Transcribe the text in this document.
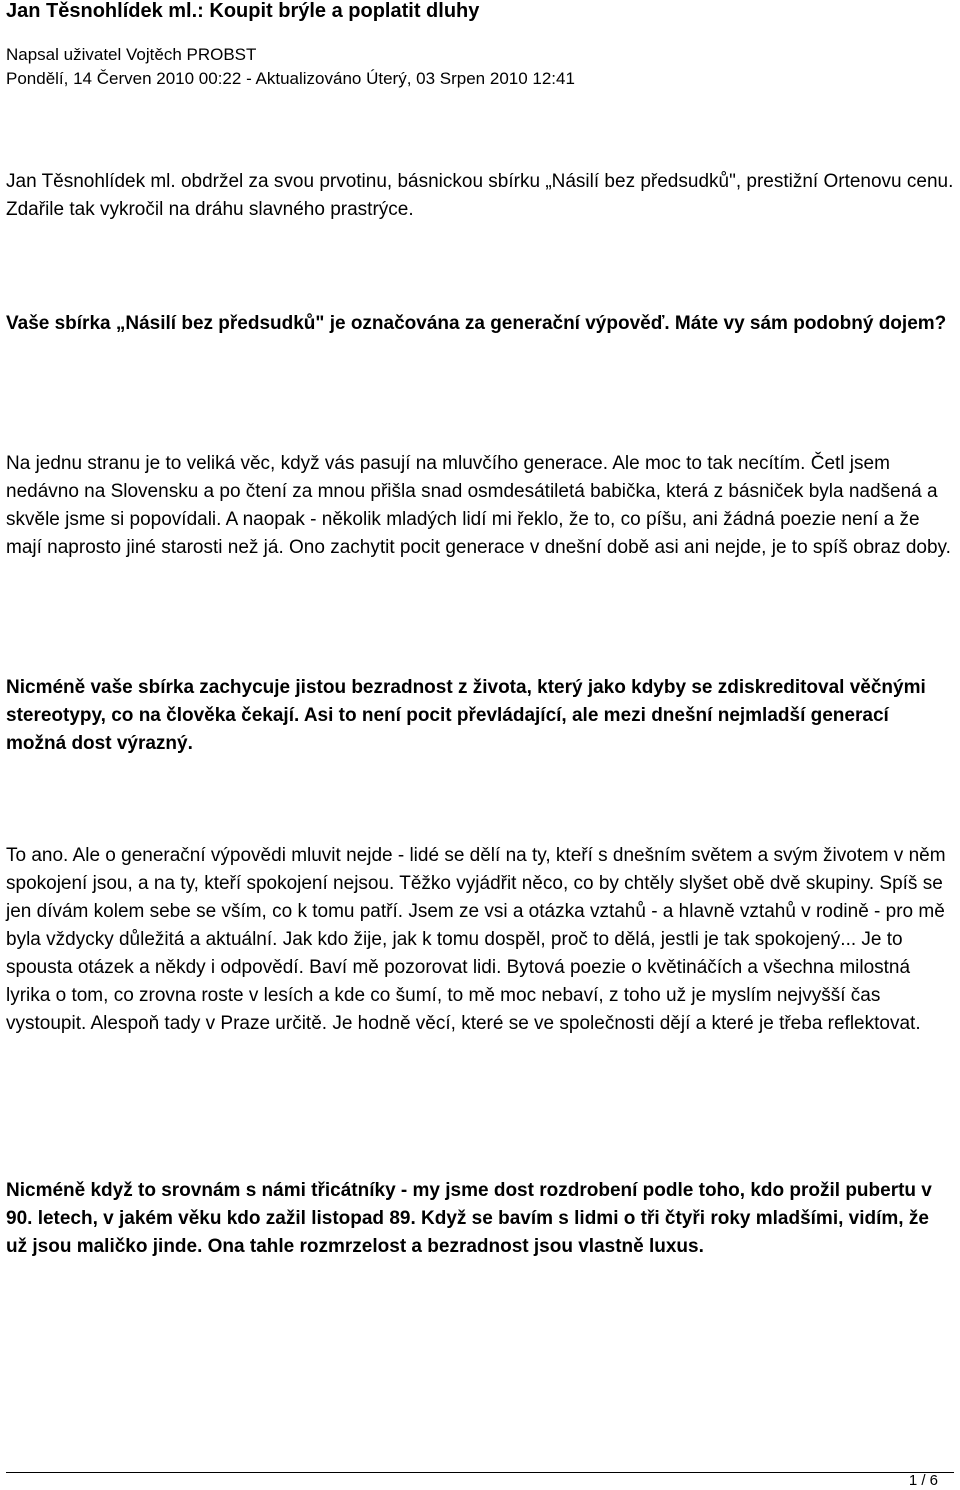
Jan Těsnohlídek ml.: Koupit brýle a poplatit dluhy
Napsal uživatel Vojtěch PROBST
Pondělí, 14 Červen 2010 00:22 - Aktualizováno Úterý, 03 Srpen 2010 12:41

Jan Těsnohlídek ml. obdržel za svou prvotinu, básnickou sbírku „Násilí bez předsudků", prestižní Ortenovu cenu. Zdařile tak vykročil na dráhu slavného prastrýce.

Vaše sbírka „Násilí bez předsudků" je označována za generační výpověď. Máte vy sám podobný dojem?

Na jednu stranu je to veliká věc, když vás pasují na mluvčího generace. Ale moc to tak necítím. Četl jsem nedávno na Slovensku a po čtení za mnou přišla snad osmdesátiletá babička, která z básniček byla nadšená a skvěle jsme si popovídali. A naopak - několik mladých lidí mi řeklo, že to, co píšu, ani žádná poezie není a že mají naprosto jiné starosti než já. Ono zachytit pocit generace v dnešní době asi ani nejde, je to spíš obraz doby.

Nicméně vaše sbírka zachycuje jistou bezradnost z života, který jako kdyby se zdiskreditoval věčnými stereotypy, co na člověka čekají. Asi to není pocit převládající, ale mezi dnešní nejmladší generací možná dost výrazný.

To ano. Ale o generační výpovědi mluvit nejde - lidé se dělí na ty, kteří s dnešním světem a svým životem v něm spokojení jsou, a na ty, kteří spokojení nejsou. Těžko vyjádřit něco, co by chtěly slyšet obě dvě skupiny. Spíš se jen dívám kolem sebe se vším, co k tomu patří. Jsem ze vsi a otázka vztahů - a hlavně vztahů v rodině - pro mě byla vždycky důležitá a aktuální. Jak kdo žije, jak k tomu dospěl, proč to dělá, jestli je tak spokojený... Je to spousta otázek a někdy i odpovědí. Baví mě pozorovat lidi. Bytová poezie o květináčích a všechna milostná lyrika o tom, co zrovna roste v lesích a kde co šumí, to mě moc nebaví, z toho už je myslím nejvyšší čas vystoupit. Alespoň tady v Praze určitě. Je hodně věcí, které se ve společnosti dějí a které je třeba reflektovat.

Nicméně když to srovnám s námi třicátníky - my jsme dost rozdrobení podle toho, kdo prožil pubertu v 90. letech, v jakém věku kdo zažil listopad 89. Když se bavím s lidmi o tři čtyři roky mladšími, vidím, že už jsou maličko jinde. Ona tahle rozmrzelost a bezradnost jsou vlastně luxus.

1 / 6
